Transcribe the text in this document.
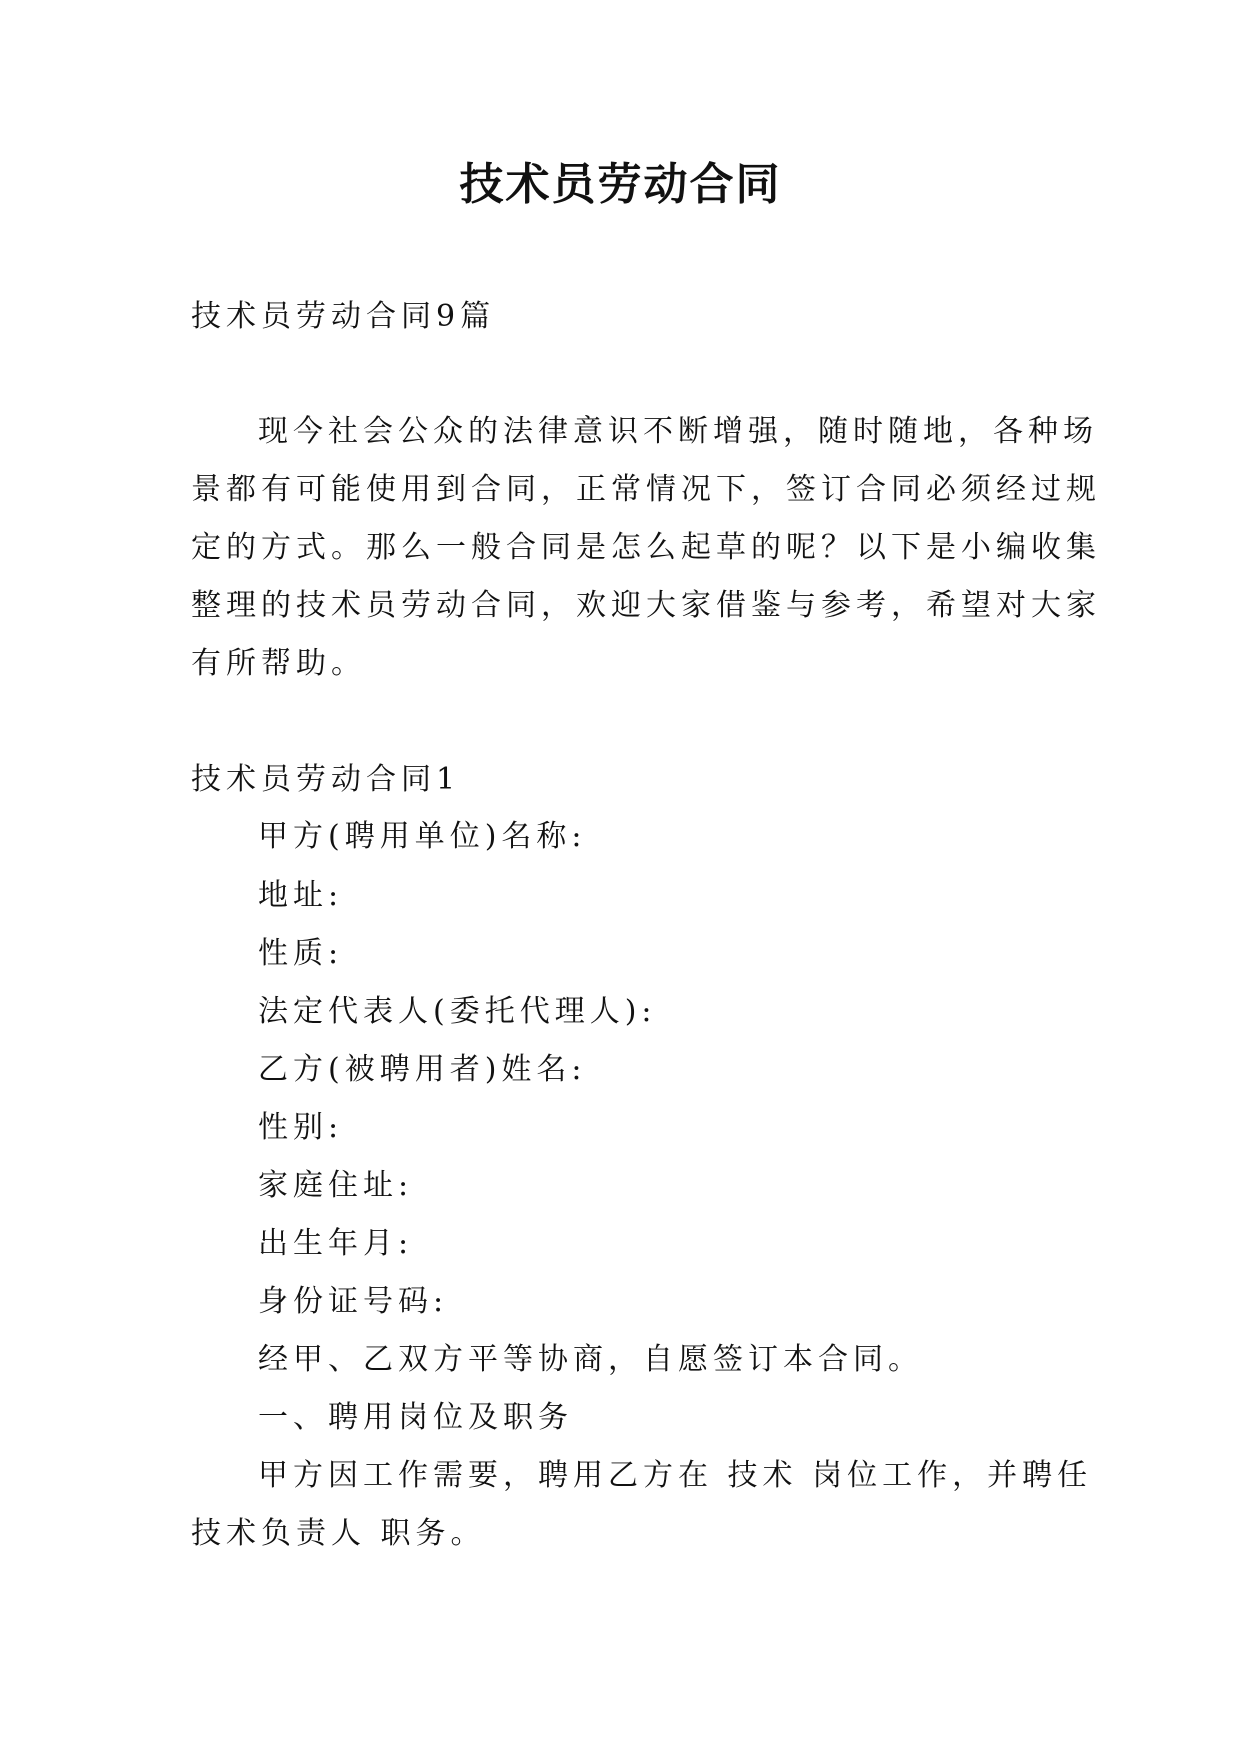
技术员劳动合同

技术员劳动合同9篇

现今社会公众的法律意识不断增强，随时随地，各种场

景都有可能使用到合同，正常情况下，签订合同必须经过规

定的方式。那么一般合同是怎么起草的呢？以下是小编收集

整理的技术员劳动合同，欢迎大家借鉴与参考，希望对大家

有所帮助。

技术员劳动合同1

甲方(聘用单位)名称:

地址:

性质:

法定代表人(委托代理人):

乙方(被聘用者)姓名:

性别:

家庭住址:

出生年月:

身份证号码:

经甲、乙双方平等协商，自愿签订本合同。

一、聘用岗位及职务

甲方因工作需要，聘用乙方在 技术 岗位工作，并聘任

技术负责人 职务。
